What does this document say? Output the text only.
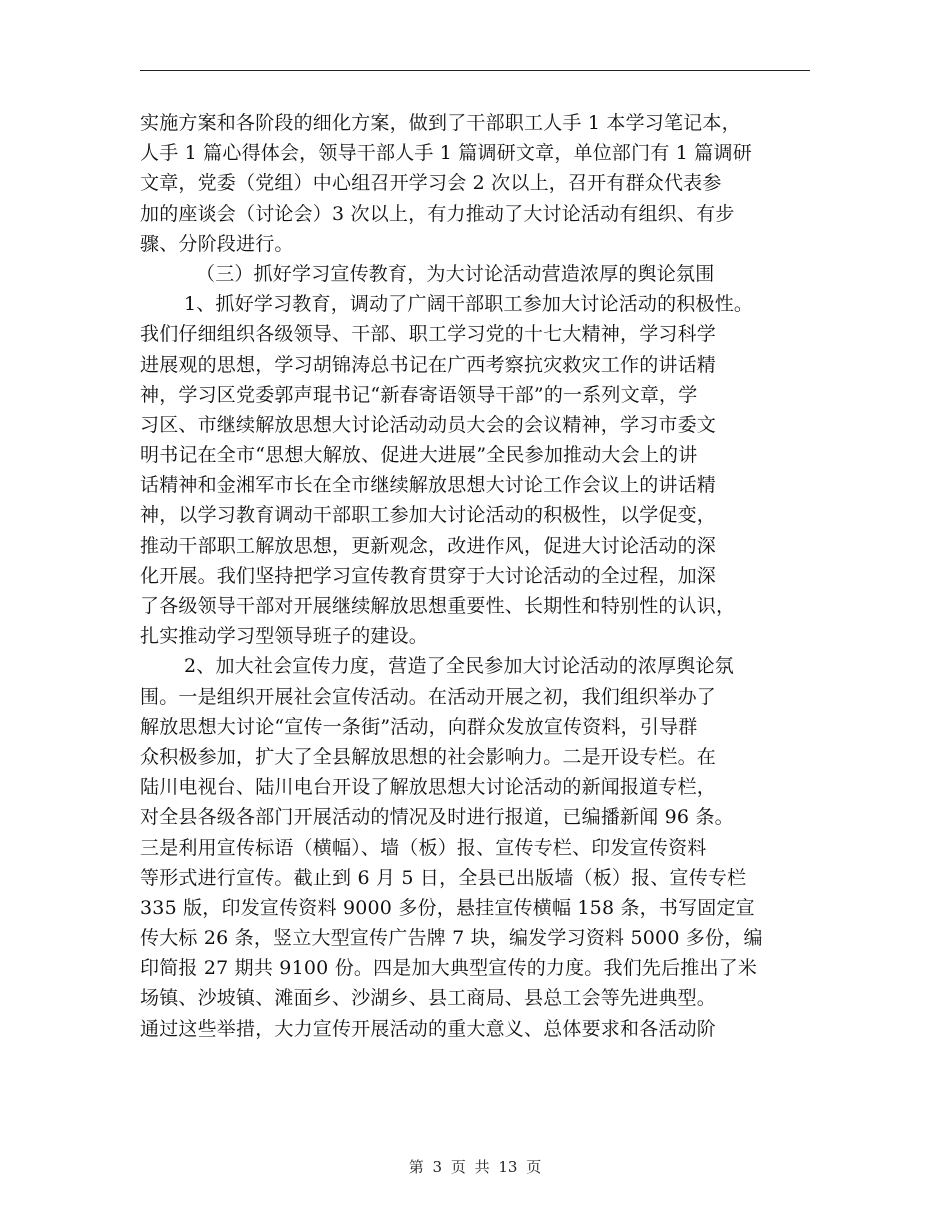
实施方案和各阶段的细化方案，做到了干部职工人手 1 本学习笔记本，
人手 1 篇心得体会，领导干部人手 1 篇调研文章，单位部门有 1 篇调研
文章，党委（党组）中心组召开学习会 2 次以上，召开有群众代表参
加的座谈会（讨论会）3 次以上，有力推动了大讨论活动有组织、有步
骤、分阶段进行。
（三）抓好学习宣传教育，为大讨论活动营造浓厚的舆论氛围
1、抓好学习教育，调动了广阔干部职工参加大讨论活动的积极性。
我们仔细组织各级领导、干部、职工学习党的十七大精神，学习科学
进展观的思想，学习胡锦涛总书记在广西考察抗灾救灾工作的讲话精
神，学习区党委郭声琨书记“新春寄语领导干部”的一系列文章，学
习区、市继续解放思想大讨论活动动员大会的会议精神，学习市委文
明书记在全市“思想大解放、促进大进展”全民参加推动大会上的讲
话精神和金湘军市长在全市继续解放思想大讨论工作会议上的讲话精
神，以学习教育调动干部职工参加大讨论活动的积极性，以学促变，
推动干部职工解放思想，更新观念，改进作风，促进大讨论活动的深
化开展。我们坚持把学习宣传教育贯穿于大讨论活动的全过程，加深
了各级领导干部对开展继续解放思想重要性、长期性和特别性的认识，
扎实推动学习型领导班子的建设。
2、加大社会宣传力度，营造了全民参加大讨论活动的浓厚舆论氛
围。一是组织开展社会宣传活动。在活动开展之初，我们组织举办了
解放思想大讨论“宣传一条街”活动，向群众发放宣传资料，引导群
众积极参加，扩大了全县解放思想的社会影响力。二是开设专栏。在
陆川电视台、陆川电台开设了解放思想大讨论活动的新闻报道专栏，
对全县各级各部门开展活动的情况及时进行报道，已编播新闻 96 条。
三是利用宣传标语（横幅）、墙（板）报、宣传专栏、印发宣传资料
等形式进行宣传。截止到 6 月 5 日，全县已出版墙（板）报、宣传专栏
335 版，印发宣传资料 9000 多份，悬挂宣传横幅 158 条，书写固定宣
传大标 26 条，竖立大型宣传广告牌 7 块，编发学习资料 5000 多份，编
印简报 27 期共 9100 份。四是加大典型宣传的力度。我们先后推出了米
场镇、沙坡镇、滩面乡、沙湖乡、县工商局、县总工会等先进典型。
通过这些举措，大力宣传开展活动的重大意义、总体要求和各活动阶
第 3 页 共 13 页
